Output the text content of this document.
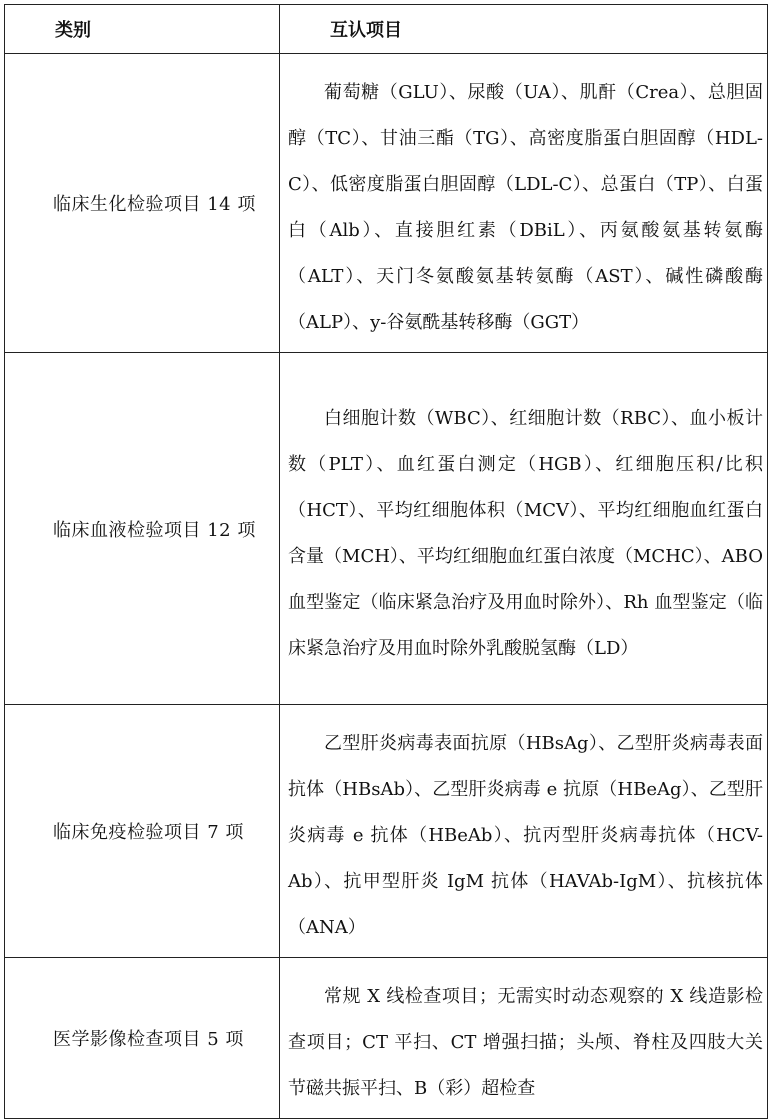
类别	互认项目
临床生化检验项目 14 项	葡萄糖（GLU）、尿酸（UA）、肌酐（Crea）、总胆固醇（TC）、甘油三酯（TG）、高密度脂蛋白胆固醇（HDL-C）、低密度脂蛋白胆固醇（LDL-C）、总蛋白（TP）、白蛋白（Alb）、直接胆红素（DBiL）、丙氨酸氨基转氨酶（ALT）、天门冬氨酸氨基转氨酶（AST）、碱性磷酸酶（ALP）、y-谷氨酰基转移酶（GGT）
临床血液检验项目 12 项	白细胞计数（WBC）、红细胞计数（RBC）、血小板计数（PLT）、血红蛋白测定（HGB）、红细胞压积/比积（HCT）、平均红细胞体积（MCV）、平均红细胞血红蛋白含量（MCH）、平均红细胞血红蛋白浓度（MCHC）、ABO 血型鉴定（临床紧急治疗及用血时除外）、Rh 血型鉴定（临床紧急治疗及用血时除外乳酸脱氢酶（LD）
临床免疫检验项目 7 项	乙型肝炎病毒表面抗原（HBsAg）、乙型肝炎病毒表面抗体（HBsAb）、乙型肝炎病毒 e 抗原（HBeAg）、乙型肝炎病毒 e 抗体（HBeAb）、抗丙型肝炎病毒抗体（HCV-Ab）、抗甲型肝炎 IgM 抗体（HAVAb-IgM）、抗核抗体（ANA）
医学影像检查项目 5 项	常规 X 线检查项目；无需实时动态观察的 X 线造影检查项目；CT 平扫、CT 增强扫描；头颅、脊柱及四肢大关节磁共振平扫、B（彩）超检查
